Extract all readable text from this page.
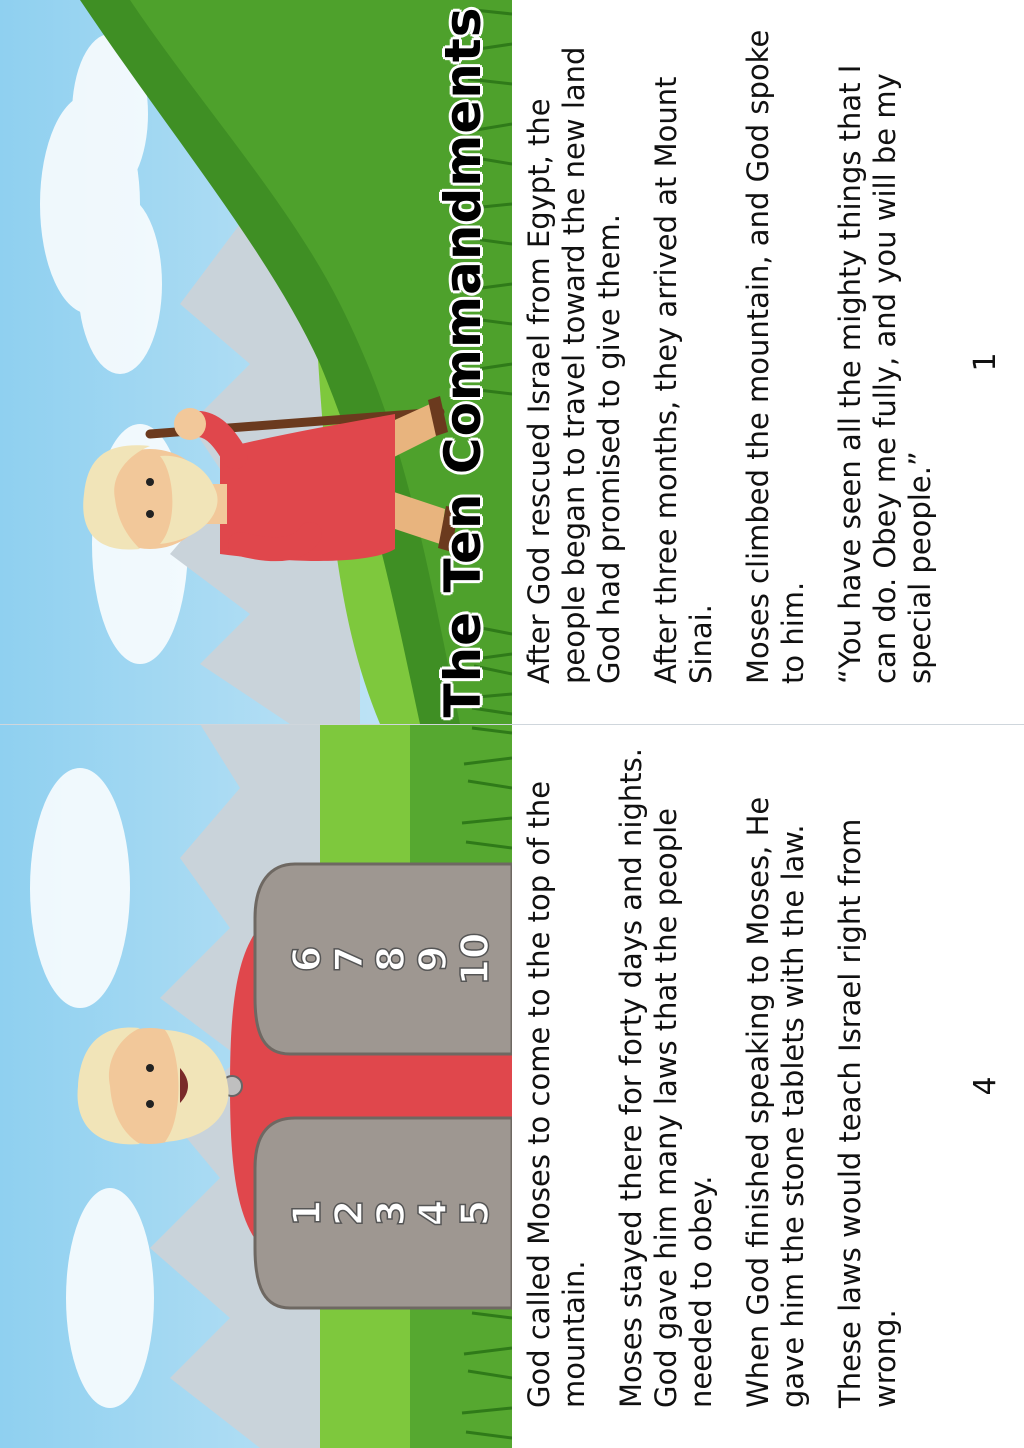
The Ten Commandments After God rescued Israel from Egypt, the people began to travel toward the new land God had promised to give them. After three months, they arrived at Mount Sinai. Moses climbed the mountain, and God spoke to him. “You have seen all the mighty things that I can do. Obey me fully, and you will be my special people.”

1
1
2
3
4
5
6
7
8
9
10 God called Moses to come to the top of the mountain. Moses stayed there for forty days and nights. God gave him many laws that the people needed to obey. When God finished speaking to Moses, He gave him the stone tablets with the law. These laws would teach Israel right from wrong.

4
